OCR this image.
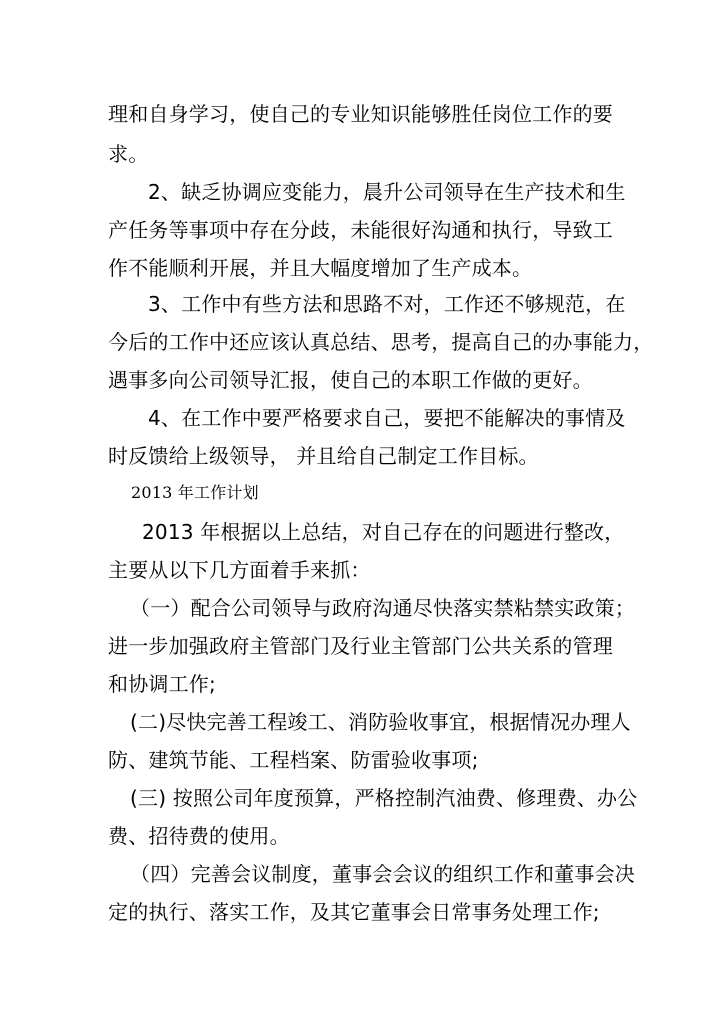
理和自身学习，使自己的专业知识能够胜任岗位工作的要
求。
2、缺乏协调应变能力，晨升公司领导在生产技术和生
产任务等事项中存在分歧，未能很好沟通和执行，导致工
作不能顺利开展，并且大幅度增加了生产成本。
3、工作中有些方法和思路不对，工作还不够规范，在
今后的工作中还应该认真总结、思考，提高自己的办事能力，
遇事多向公司领导汇报，使自己的本职工作做的更好。
4、在工作中要严格要求自己，要把不能解决的事情及
时反馈给上级领导， 并且给自己制定工作目标。
2013 年工作计划
2013 年根据以上总结，对自己存在的问题进行整改，
主要从以下几方面着手来抓：
（一）配合公司领导与政府沟通尽快落实禁粘禁实政策；
进一步加强政府主管部门及行业主管部门公共关系的管理
和协调工作;
(二)尽快完善工程竣工、消防验收事宜，根据情况办理人
防、建筑节能、工程档案、防雷验收事项;
(三) 按照公司年度预算，严格控制汽油费、修理费、办公
费、招待费的使用。
（四）完善会议制度，董事会会议的组织工作和董事会决
定的执行、落实工作，及其它董事会日常事务处理工作;
